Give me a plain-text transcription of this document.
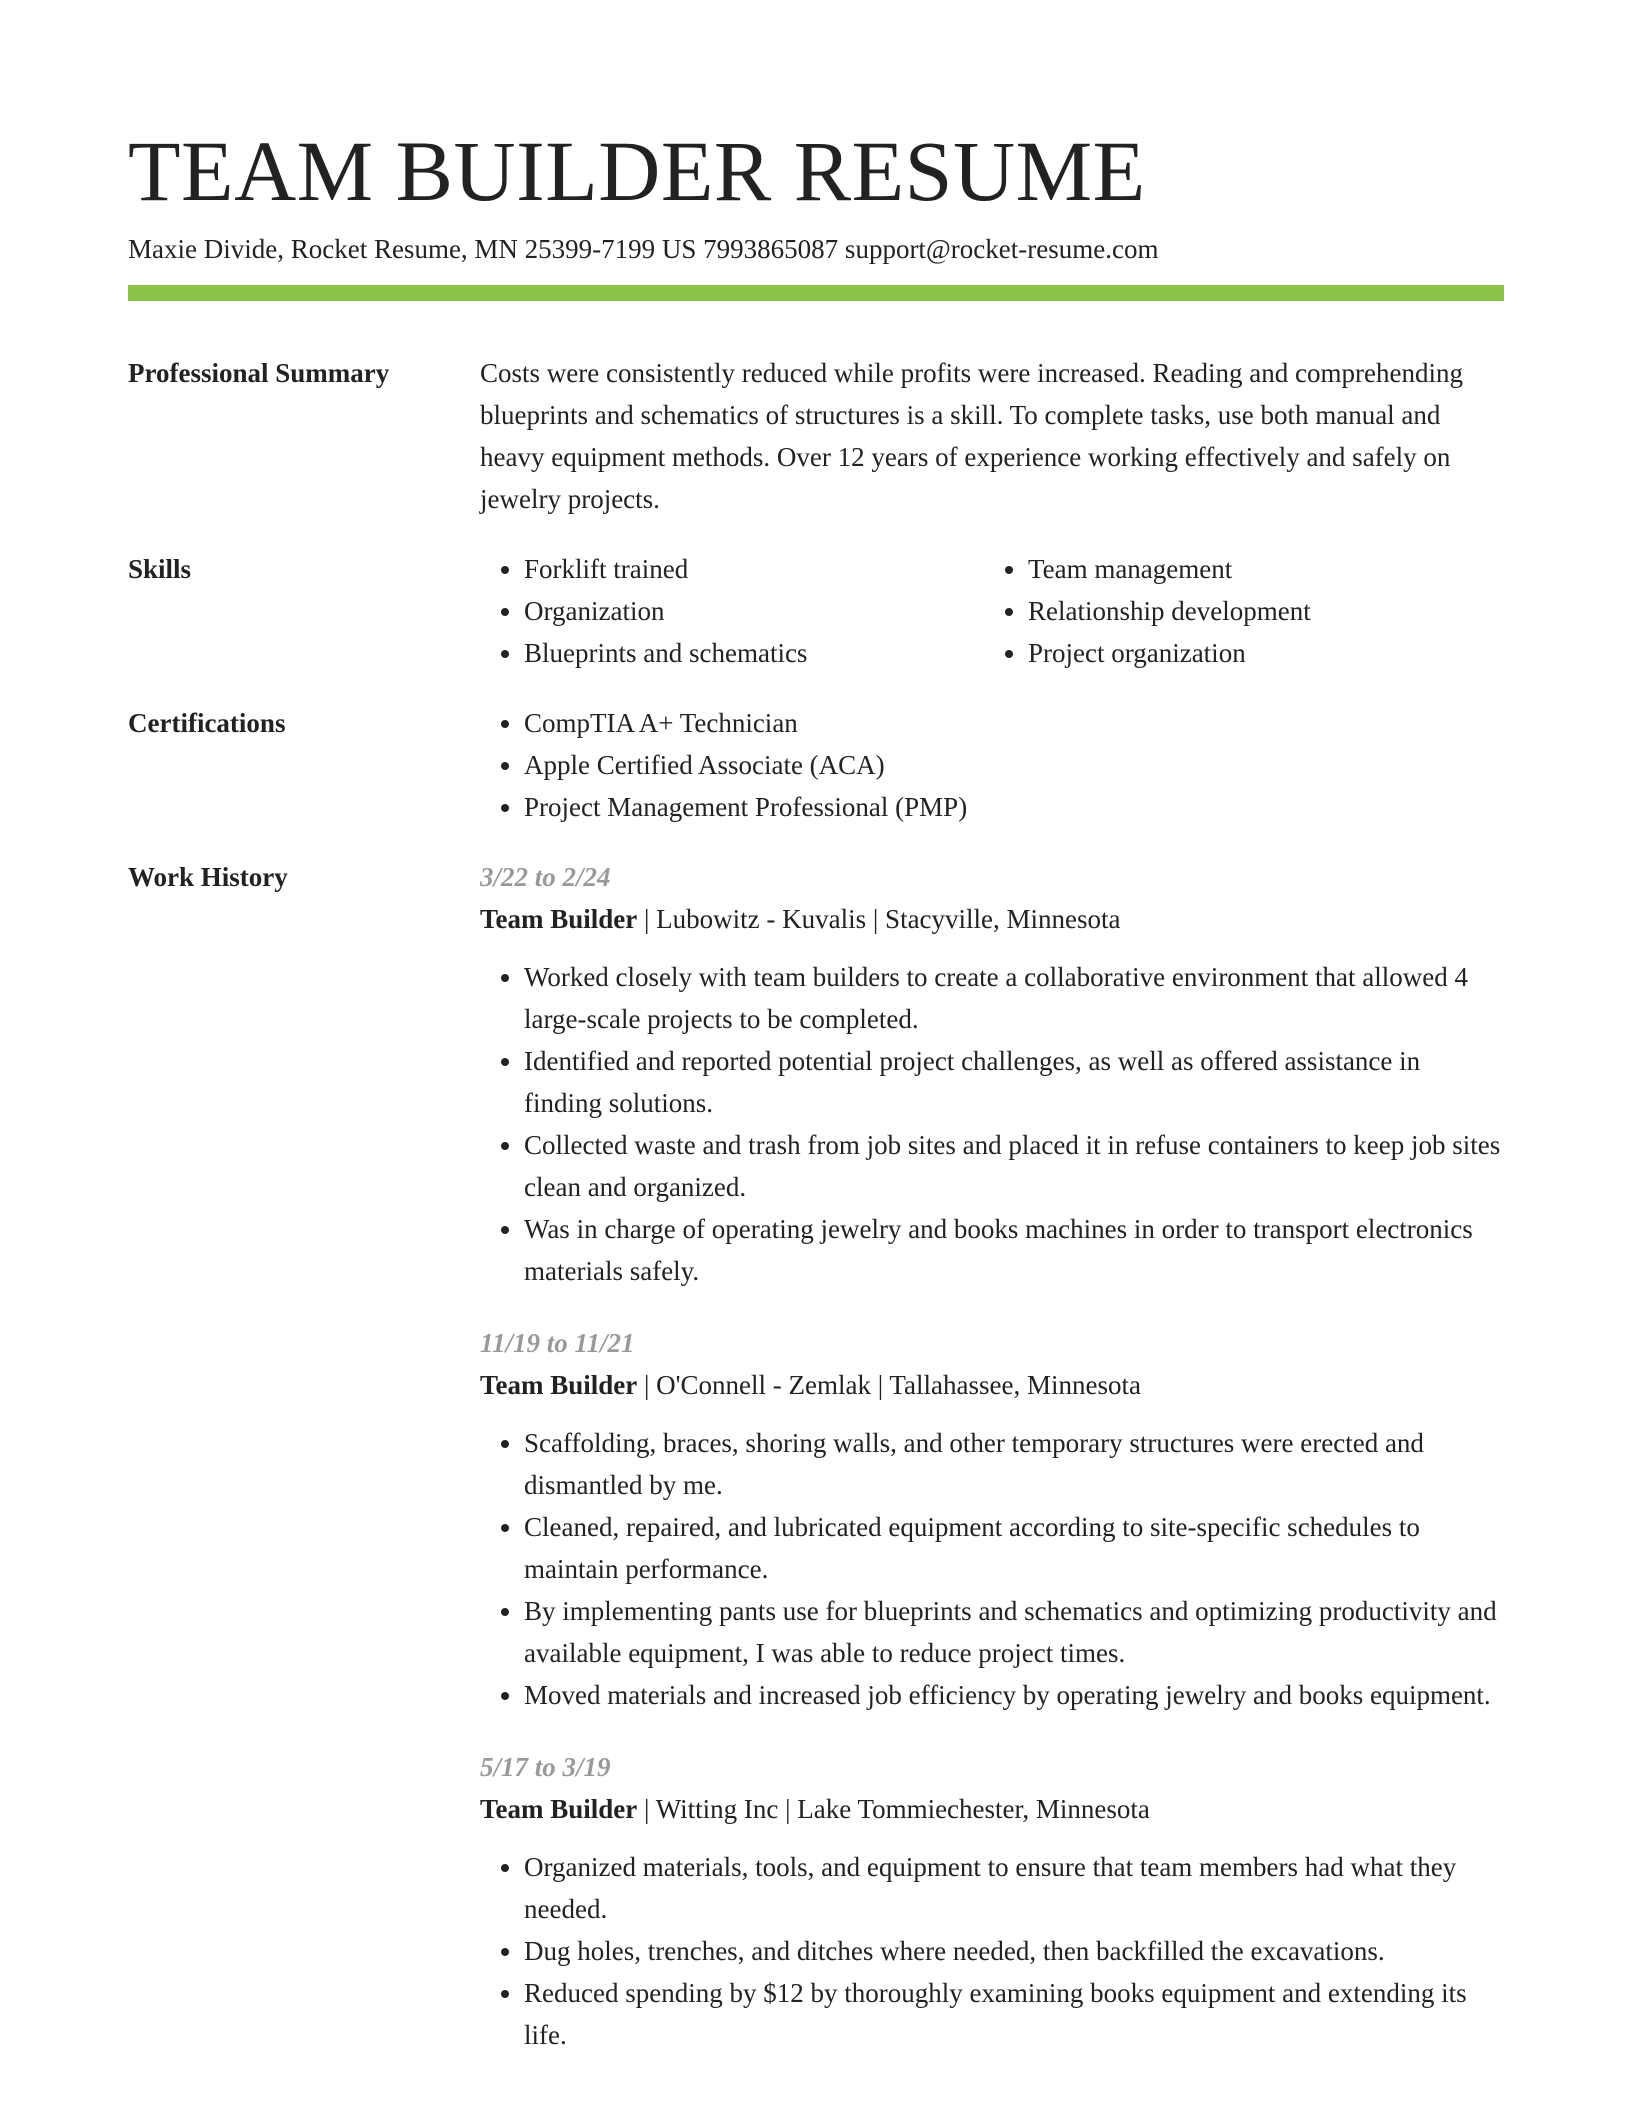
TEAM BUILDER RESUME
Maxie Divide, Rocket Resume, MN 25399-7199 US 7993865087 support@rocket-resume.com
Professional Summary	Costs were consistently reduced while profits were increased. Reading and comprehending blueprints and schematics of structures is a skill. To complete tasks, use both manual and heavy equipment methods. Over 12 years of experience working effectively and safely on jewelry projects.

Skills	• Forklift trained
• Organization
• Blueprints and schematics
• Team management
• Relationship development
• Project organization
Certifications	• CompTIA A+ Technician
• Apple Certified Associate (ACA)
• Project Management Professional (PMP)
Work History	3/22 to 2/24
Team Builder | Lubowitz - Kuvalis | Stacyville, Minnesota
• Worked closely with team builders to create a collaborative environment that allowed 4 large-scale projects to be completed.
• Identified and reported potential project challenges, as well as offered assistance in finding solutions.
• Collected waste and trash from job sites and placed it in refuse containers to keep job sites clean and organized.
• Was in charge of operating jewelry and books machines in order to transport electronics materials safely.
11/19 to 11/21
Team Builder | O'Connell - Zemlak | Tallahassee, Minnesota
• Scaffolding, braces, shoring walls, and other temporary structures were erected and dismantled by me.
• Cleaned, repaired, and lubricated equipment according to site-specific schedules to maintain performance.
• By implementing pants use for blueprints and schematics and optimizing productivity and available equipment, I was able to reduce project times.
• Moved materials and increased job efficiency by operating jewelry and books equipment.
5/17 to 3/19
Team Builder | Witting Inc | Lake Tommiechester, Minnesota
• Organized materials, tools, and equipment to ensure that team members had what they needed.
• Dug holes, trenches, and ditches where needed, then backfilled the excavations.
• Reduced spending by $12 by thoroughly examining books equipment and extending its life.
